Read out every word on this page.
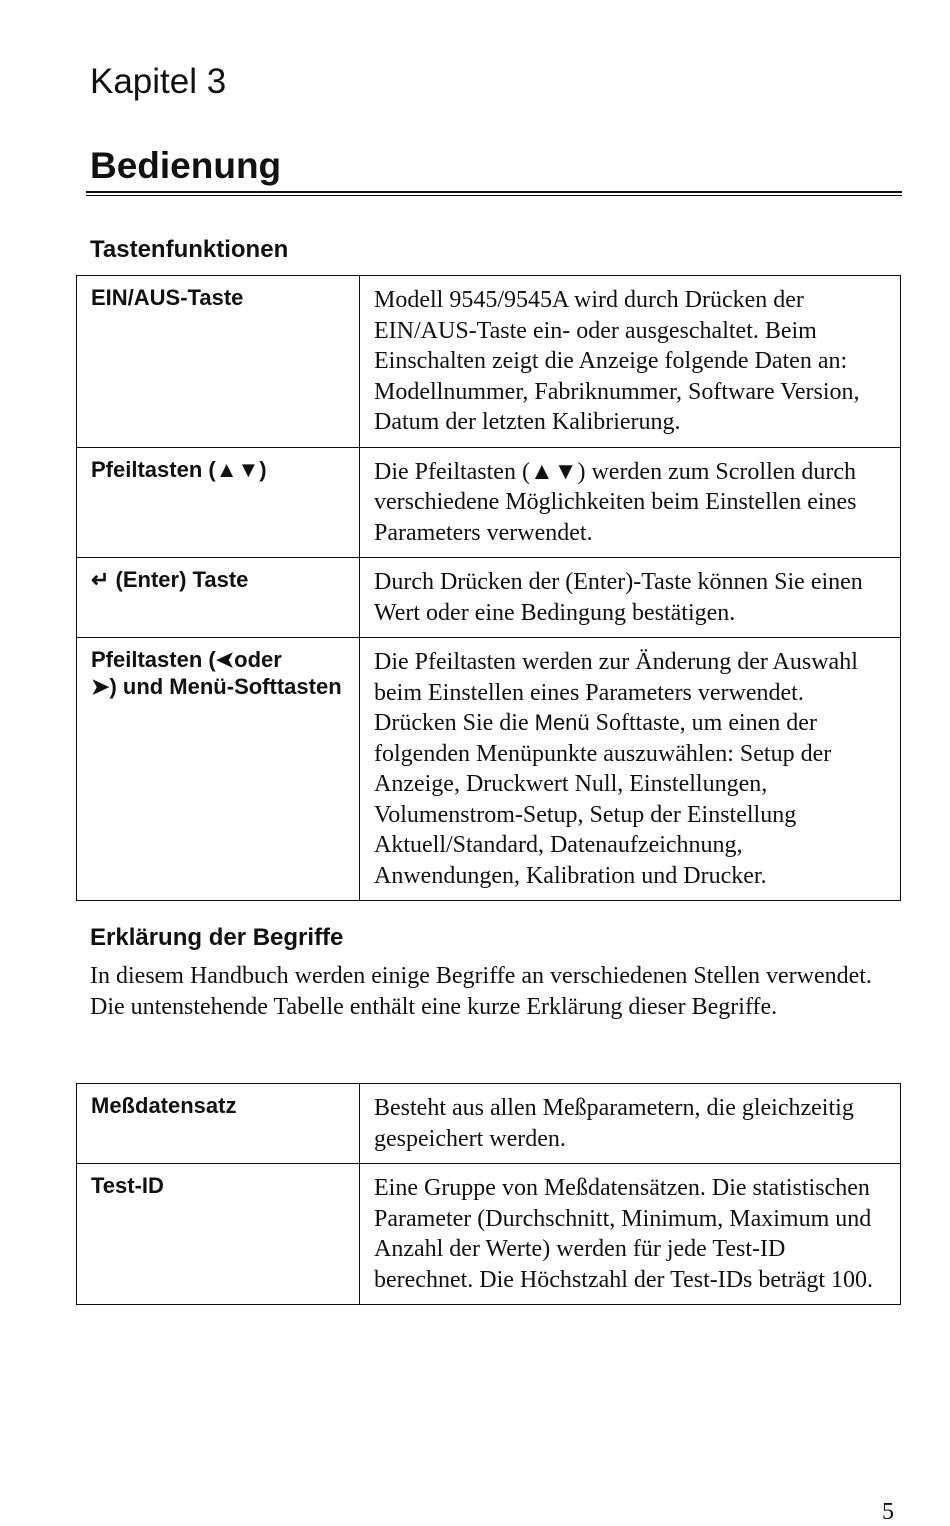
Kapitel 3
Bedienung
Tastenfunktionen
EIN/AUS-Taste	Modell 9545/9545A wird durch Drücken der EIN/AUS-Taste ein- oder ausgeschaltet. Beim Einschalten zeigt die Anzeige folgende Daten an: Modellnummer, Fabriknummer, Software Version, Datum der letzten Kalibrierung.
Pfeiltasten (▲▼)	Die Pfeiltasten (▲▼) werden zum Scrollen durch verschiedene Möglichkeiten beim Einstellen eines Parameters verwendet.
↵ (Enter) Taste	Durch Drücken der (Enter)-Taste können Sie einen Wert oder eine Bedingung bestätigen.
Pfeiltasten (➤oder
➤) und Menü-Softtasten	Die Pfeiltasten werden zur Änderung der Auswahl beim Einstellen eines Parameters verwendet. Drücken Sie die Menü Softtaste, um einen der folgenden Menüpunkte auszuwählen: Setup der Anzeige, Druckwert Null, Einstellungen, Volumenstrom-Setup, Setup der Einstellung Aktuell/Standard, Datenaufzeichnung, Anwendungen, Kalibration und Drucker.
Erklärung der Begriffe
In diesem Handbuch werden einige Begriffe an verschiedenen Stellen verwendet. Die untenstehende Tabelle enthält eine kurze Erklärung dieser Begriffe.
Meßdatensatz	Besteht aus allen Meßparametern, die gleichzeitig gespeichert werden.
Test-ID	Eine Gruppe von Meßdatensätzen. Die statistischen Parameter (Durchschnitt, Minimum, Maximum und Anzahl der Werte) werden für jede Test-ID berechnet. Die Höchstzahl der Test-IDs beträgt 100.
5
